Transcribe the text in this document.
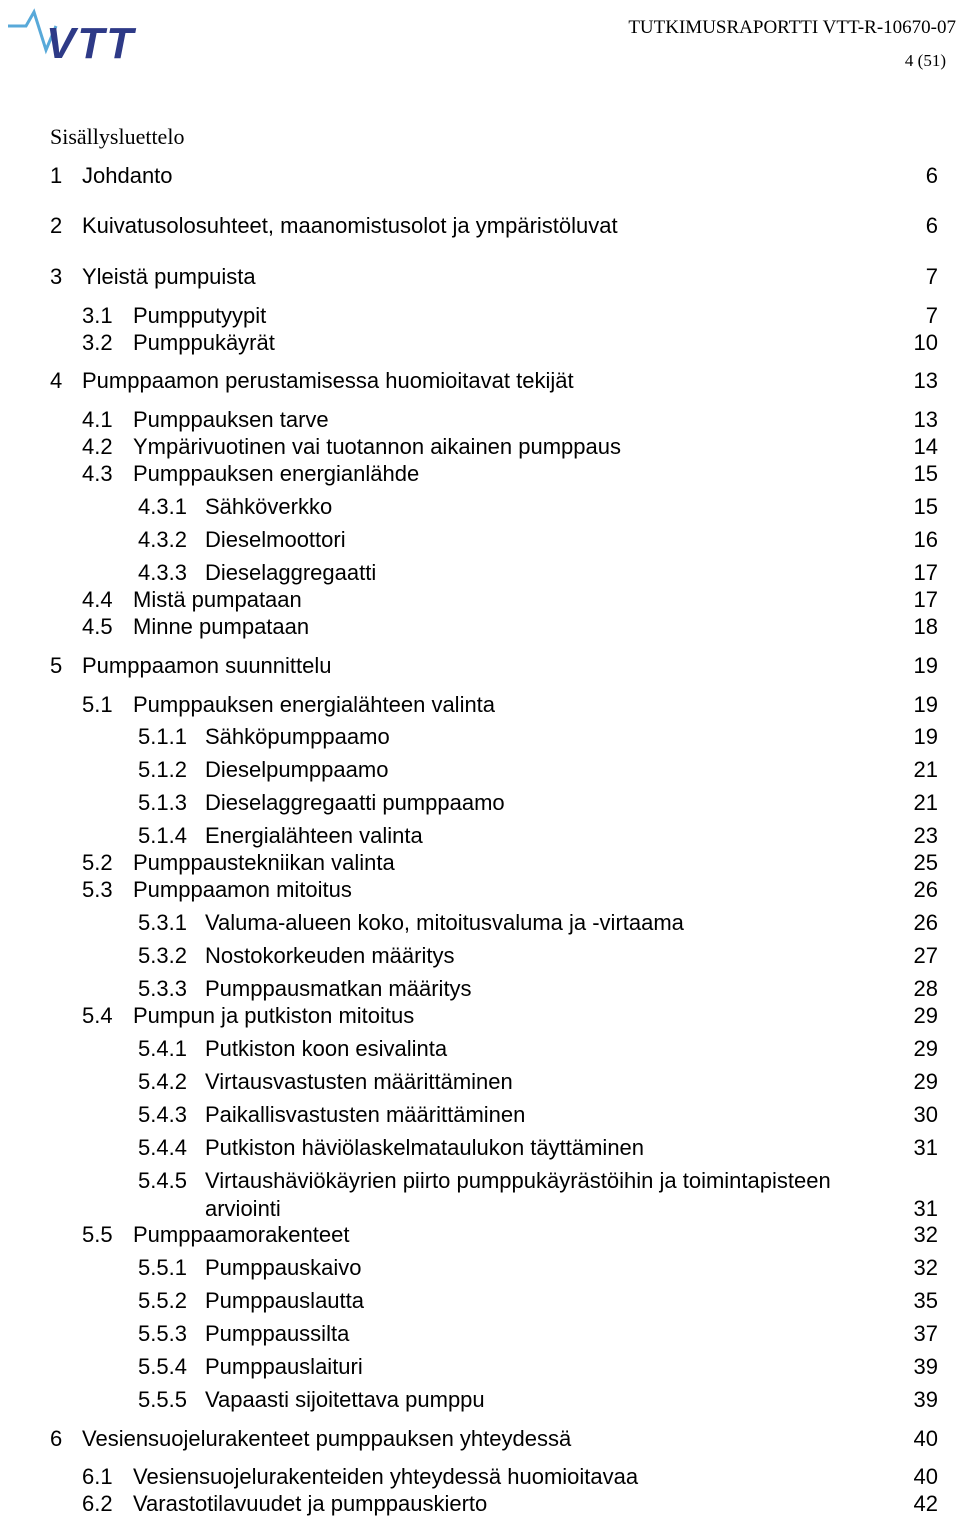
VTT	TUTKIMUSRAPORTTI VTT-R-10670-07
4 (51)
Sisällysluettelo
1 Johdanto	6
2 Kuivatusolosuhteet, maanomistusolot ja ympäristöluvat	6
3 Yleistä pumpuista	7
3.1 Pumpputyypit	7
3.2 Pumppukäyrät	10
4 Pumppaamon perustamisessa huomioitavat tekijät	13
4.1 Pumppauksen tarve	13
4.2 Ympärivuotinen vai tuotannon aikainen pumppaus	14
4.3 Pumppauksen energianlähde	15
4.3.1 Sähköverkko	15
4.3.2 Dieselmoottori	16
4.3.3 Dieselaggregaatti	17
4.4 Mistä pumpataan	17
4.5 Minne pumpataan	18
5 Pumppaamon suunnittelu	19
5.1 Pumppauksen energialähteen valinta	19
5.1.1 Sähköpumppaamo	19
5.1.2 Dieselpumppaamo	21
5.1.3 Dieselaggregaatti pumppaamo	21
5.1.4 Energialähteen valinta	23
5.2 Pumppaustekniikan valinta	25
5.3 Pumppaamon mitoitus	26
5.3.1 Valuma-alueen koko, mitoitusvaluma ja -virtaama	26
5.3.2 Nostokorkeuden määritys	27
5.3.3 Pumppausmatkan määritys	28
5.4 Pumpun ja putkiston mitoitus	29
5.4.1 Putkiston koon esivalinta	29
5.4.2 Virtausvastusten määrittäminen	29
5.4.3 Paikallisvastusten määrittäminen	30
5.4.4 Putkiston häviölaskelmataulukon täyttäminen	31
5.4.5 Virtaushäviökäyrien piirto pumppukäyrästöihin ja toimintapisteen arviointi	31
5.5 Pumppaamorakenteet	32
5.5.1 Pumppauskaivo	32
5.5.2 Pumppauslautta	35
5.5.3 Pumppaussilta	37
5.5.4 Pumppauslaituri	39
5.5.5 Vapaasti sijoitettava pumppu	39
6 Vesiensuojelurakenteet pumppauksen yhteydessä	40
6.1 Vesiensuojelurakenteiden yhteydessä huomioitavaa	40
6.2 Varastotilavuudet ja pumppauskierto	42
